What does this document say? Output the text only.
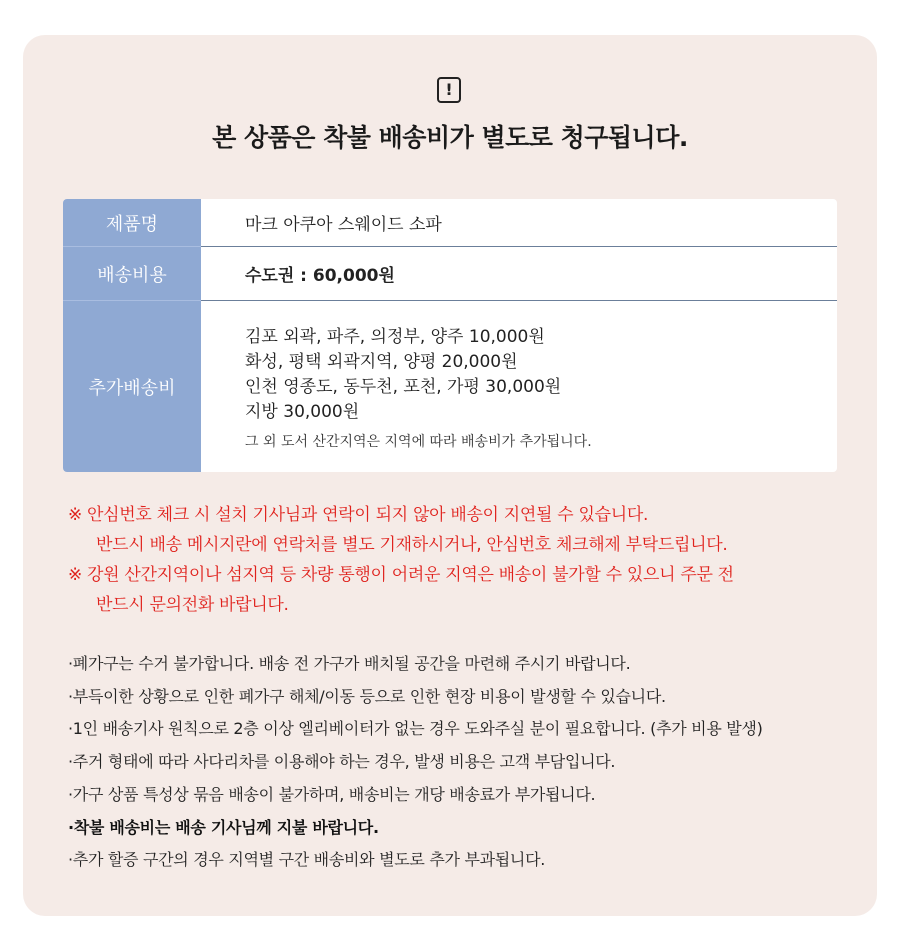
!
본 상품은 착불 배송비가 별도로 청구됩니다.
제품명	마크 아쿠아 스웨이드 소파
배송비용	수도권 : 60,000원
추가배송비
김포 외곽, 파주, 의정부, 양주 10,000원
화성, 평택 외곽지역, 양평 20,000원
인천 영종도, 동두천, 포천, 가평 30,000원
지방 30,000원
그 외 도서 산간지역은 지역에 따라 배송비가 추가됩니다.
※ 안심번호 체크 시 설치 기사님과 연락이 되지 않아 배송이 지연될 수 있습니다.
반드시 배송 메시지란에 연락처를 별도 기재하시거나, 안심번호 체크해제 부탁드립니다.
※ 강원 산간지역이나 섬지역 등 차량 통행이 어려운 지역은 배송이 불가할 수 있으니 주문 전
반드시 문의전화 바랍니다.
·폐가구는 수거 불가합니다. 배송 전 가구가 배치될 공간을 마련해 주시기 바랍니다.
·부득이한 상황으로 인한 폐가구 해체/이동 등으로 인한 현장 비용이 발생할 수 있습니다.
·1인 배송기사 원칙으로 2층 이상 엘리베이터가 없는 경우 도와주실 분이 필요합니다. (추가 비용 발생)
·주거 형태에 따라 사다리차를 이용해야 하는 경우, 발생 비용은 고객 부담입니다.
·가구 상품 특성상 묶음 배송이 불가하며, 배송비는 개당 배송료가 부가됩니다.
·착불 배송비는 배송 기사님께 지불 바랍니다.
·추가 할증 구간의 경우 지역별 구간 배송비와 별도로 추가 부과됩니다.
